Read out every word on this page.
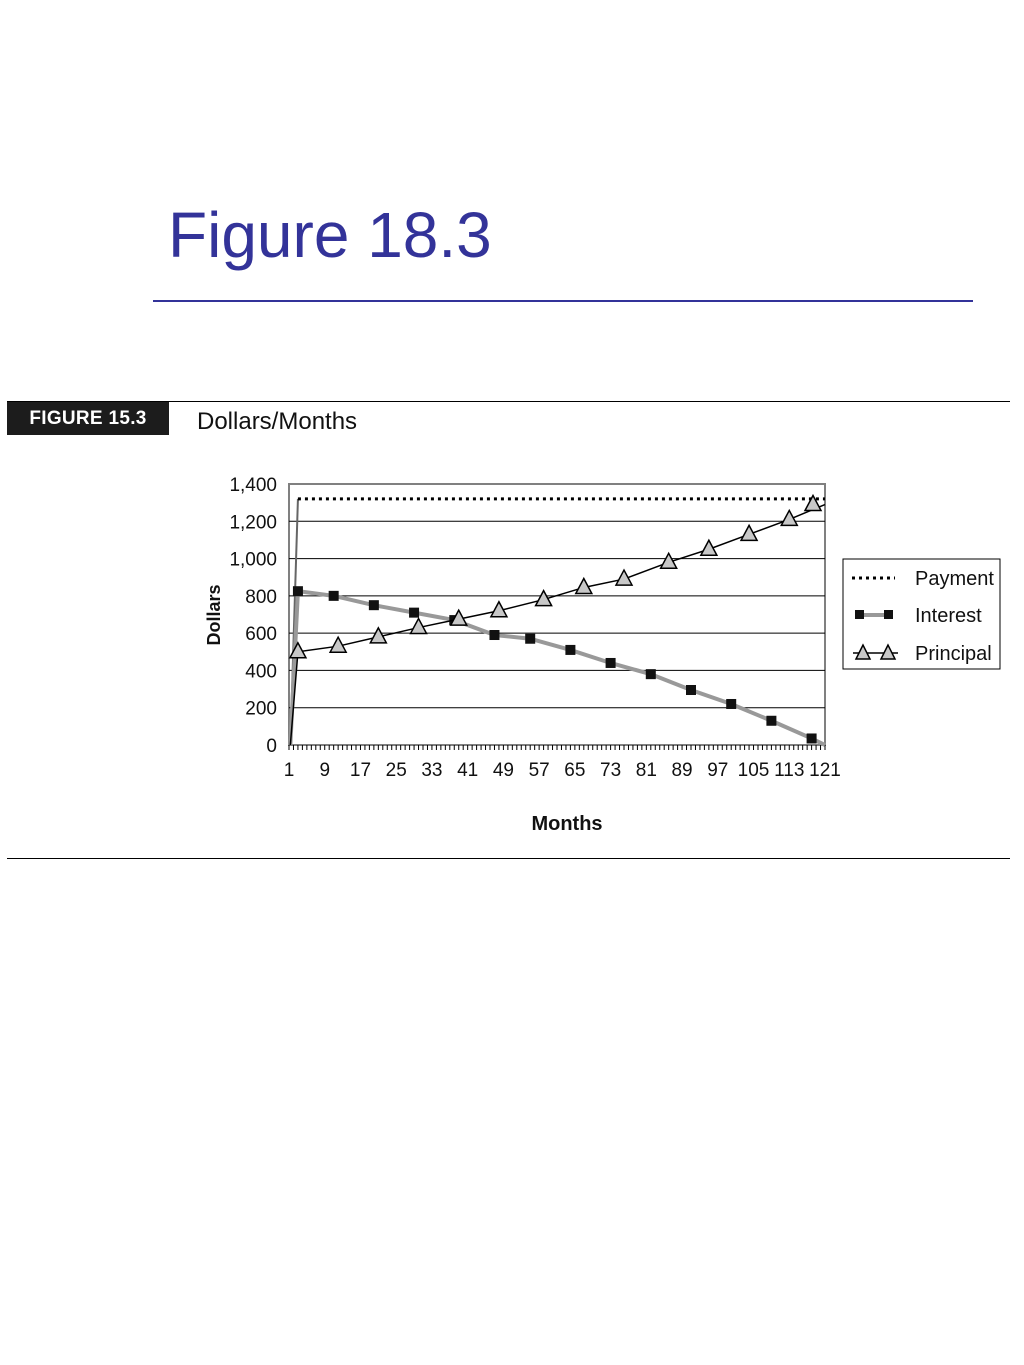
Figure 18.3
FIGURE 15.3	Dollars/Months
0
200
400
600
800
1,000
1,200
1,400
1 9 17 25 33 41 49 57 65 73 81 89 97 105 113 121
Dollars
Months
Payment
Interest
Principal
